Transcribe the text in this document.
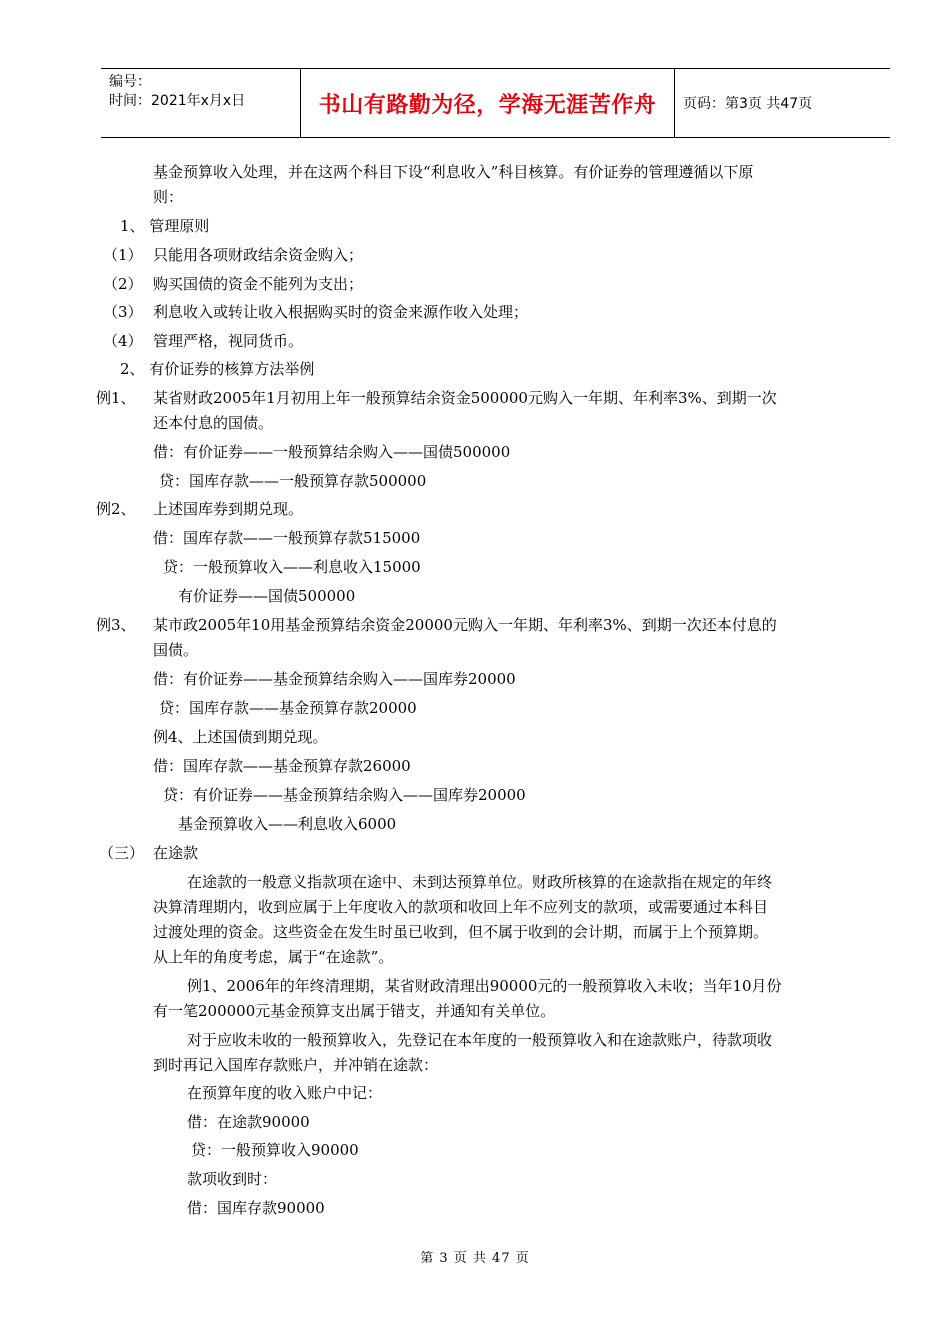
编号：
时间：2021年x月x日	书山有路勤为径，学海无涯苦作舟	页码：第3页 共47页
基金预算收入处理，并在这两个科目下设“利息收入”科目核算。有价证券的管理遵循以下原
则：
1、 管理原则
（1） 只能用各项财政结余资金购入；
（2） 购买国债的资金不能列为支出；
（3） 利息收入或转让收入根据购买时的资金来源作收入处理；
（4） 管理严格，视同货币。
2、 有价证券的核算方法举例
例1、 某省财政2005年1月初用上年一般预算结余资金500000元购入一年期、年利率3%、到期一次
还本付息的国债。
借：有价证券——一般预算结余购入——国债500000
贷：国库存款——一般预算存款500000
例2、 上述国库券到期兑现。
借：国库存款——一般预算存款515000
贷：一般预算收入——利息收入15000
有价证券——国债500000
例3、 某市政2005年10用基金预算结余资金20000元购入一年期、年利率3%、到期一次还本付息的
国债。
借：有价证券——基金预算结余购入——国库券20000
贷：国库存款——基金预算存款20000
例4、上述国债到期兑现。
借：国库存款——基金预算存款26000
贷：有价证券——基金预算结余购入——国库券20000
基金预算收入——利息收入6000
（三） 在途款
在途款的一般意义指款项在途中、未到达预算单位。财政所核算的在途款指在规定的年终
决算清理期内，收到应属于上年度收入的款项和收回上年不应列支的款项，或需要通过本科目
过渡处理的资金。这些资金在发生时虽已收到，但不属于收到的会计期，而属于上个预算期。
从上年的角度考虑，属于“在途款”。
例1、2006年的年终清理期，某省财政清理出90000元的一般预算收入未收；当年10月份
有一笔200000元基金预算支出属于错支，并通知有关单位。
对于应收未收的一般预算收入，先登记在本年度的一般预算收入和在途款账户，待款项收
到时再记入国库存款账户，并冲销在途款：
在预算年度的收入账户中记：
借：在途款90000
贷：一般预算收入90000
款项收到时：
借：国库存款90000
第 3 页 共 47 页
